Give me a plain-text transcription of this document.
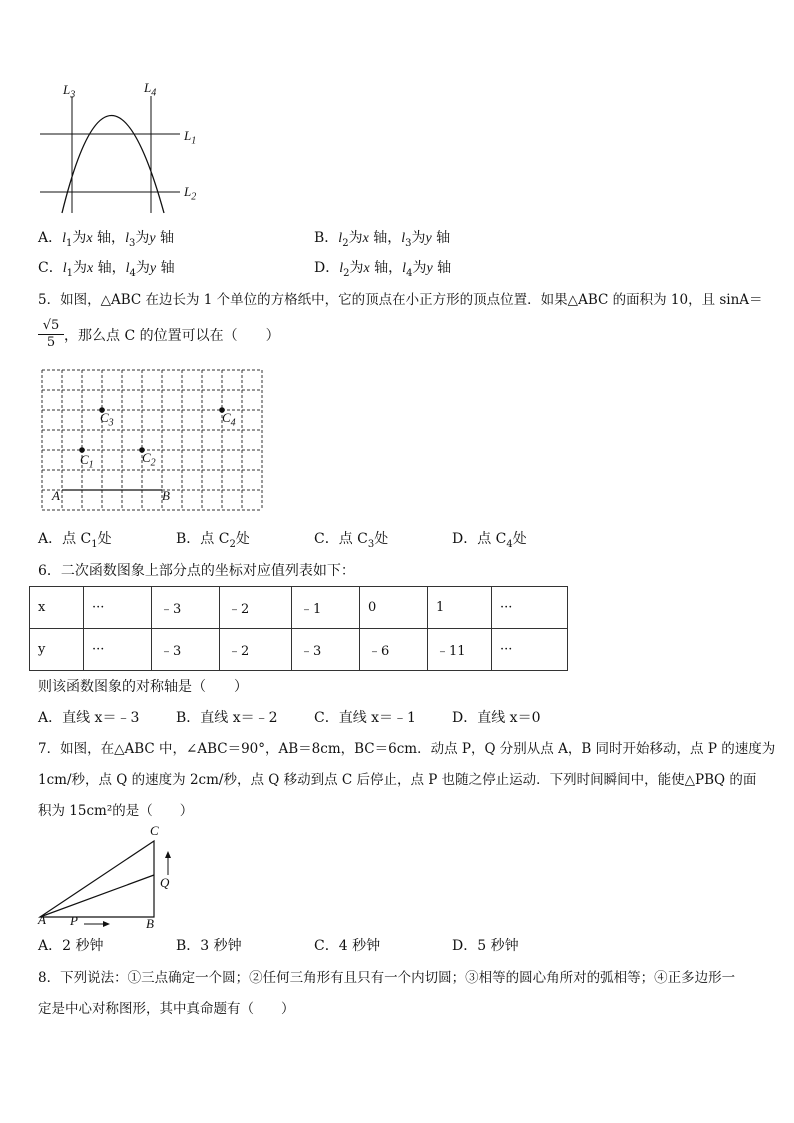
$L_3$
$L_4$
$L_1$
$L_2$
A．$l_1$为x 轴，$l_3$为y 轴	B．$l_2$为x 轴，$l_3$为y 轴
C．$l_1$为x 轴，$l_4$为y 轴	D．$l_2$为x 轴，$l_4$为y 轴
5．如图，△ABC 在边长为 1 个单位的方格纸中，它的顶点在小正方形的顶点位置．如果△ABC 的面积为 10，且 sinA＝
$\frac{√5}{5}$ ，那么点 C 的位置可以在（　　）
$C_3$	$C_4$
$C_1$
$C_2$
A	B
A．点 $C_1$处	B．点 $C_2$处	C．点 $C_3$处	D．点 $C_4$处
6．二次函数图象上部分点的坐标对应值列表如下：
x	···	﹣3	﹣2	﹣1	0	1	···
y	···	﹣3	﹣2	﹣3	﹣6	﹣11	···
则该函数图象的对称轴是（　　）
A．直线 x＝﹣3	B．直线 x＝﹣2	C．直线 x＝﹣1	D．直线 x＝0
7．如图，在△ABC 中，∠ABC＝90°，AB＝8cm，BC＝6cm．动点 P，Q 分别从点 A，B 同时开始移动，点 P 的速度为
1cm/秒，点 Q 的速度为 2cm/秒，点 Q 移动到点 C 后停止，点 P 也随之停止运动．下列时间瞬间中，能使△PBQ 的面
积为 15cm²的是（　　）
C
Q
A P	B
A．2 秒钟	B．3 秒钟	C．4 秒钟	D．5 秒钟
8．下列说法：①三点确定一个圆；②任何三角形有且只有一个内切圆；③相等的圆心角所对的弧相等；④正多边形一
定是中心对称图形，其中真命题有（　　）
